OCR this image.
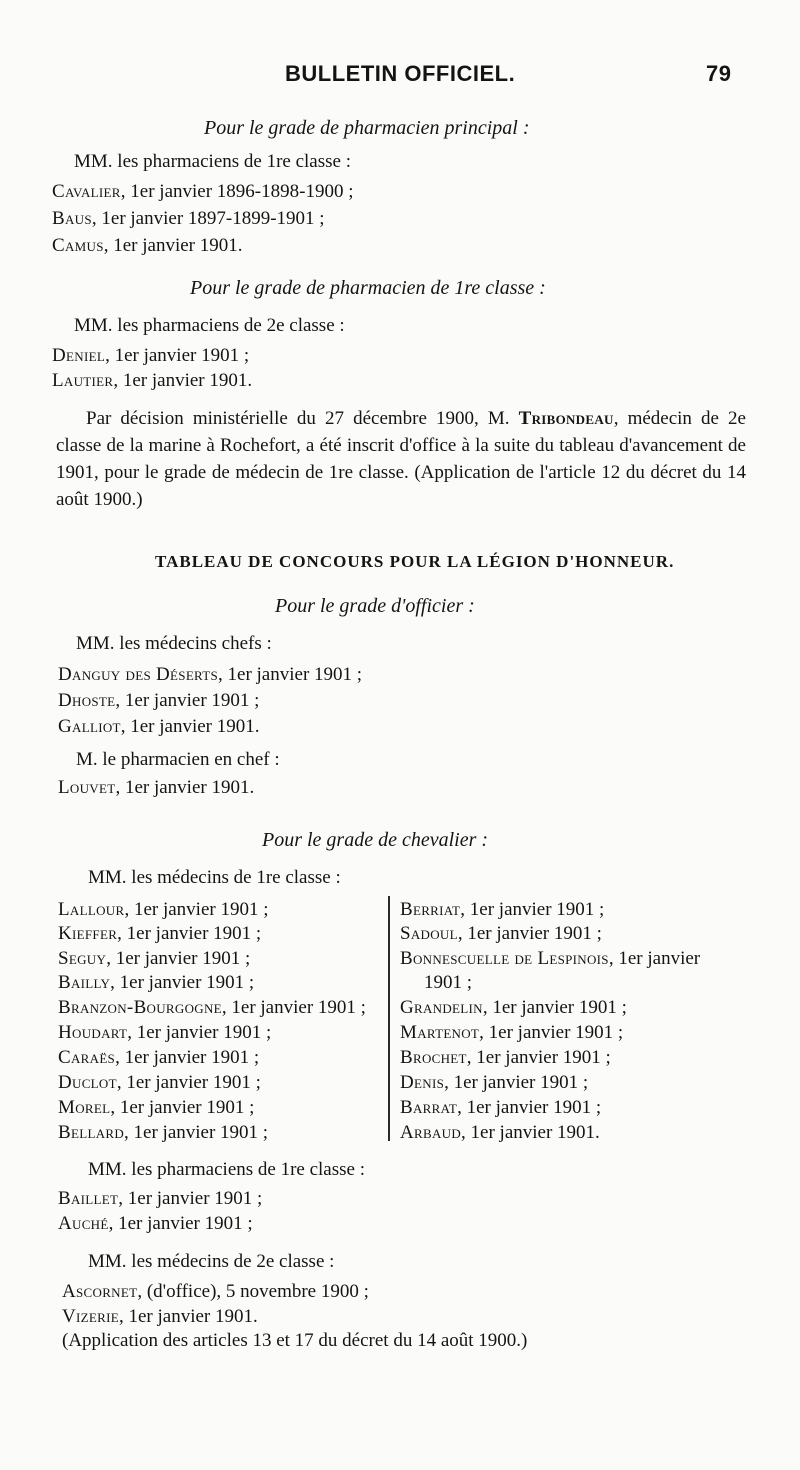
BULLETIN OFFICIEL.	79
Pour le grade de pharmacien principal :
MM. les pharmaciens de 1re classe :
Cavalier, 1er janvier 1896-1898-1900 ;
Baus, 1er janvier 1897-1899-1901 ;
Camus, 1er janvier 1901.
Pour le grade de pharmacien de 1re classe :
MM. les pharmaciens de 2e classe :
Deniel, 1er janvier 1901 ;
Lautier, 1er janvier 1901.
Par décision ministérielle du 27 décembre 1900, M. Tribondeau, médecin de 2e classe de la marine à Rochefort, a été inscrit d'office à la suite du tableau d'avancement de 1901, pour le grade de médecin de 1re classe. (Application de l'article 12 du décret du 14 août 1900.)
TABLEAU DE CONCOURS POUR LA LÉGION D'HONNEUR.
Pour le grade d'officier :
MM. les médecins chefs :
Danguy des Déserts, 1er janvier 1901 ;
Dhoste, 1er janvier 1901 ;
Galliot, 1er janvier 1901.
M. le pharmacien en chef :
Louvet, 1er janvier 1901.
Pour le grade de chevalier :
MM. les médecins de 1re classe :
Lallour, 1er janvier 1901 ;
Kieffer, 1er janvier 1901 ;
Seguy, 1er janvier 1901 ;
Bailly, 1er janvier 1901 ;
Branzon-Bourgogne, 1er janvier 1901 ;
Houdart, 1er janvier 1901 ;
Caraës, 1er janvier 1901 ;
Duclot, 1er janvier 1901 ;
Morel, 1er janvier 1901 ;
Bellard, 1er janvier 1901 ;
Berriat, 1er janvier 1901 ;
Sadoul, 1er janvier 1901 ;
Bonnescuelle de Lespinois, 1er janvier
1901 ;
Grandelin, 1er janvier 1901 ;
Martenot, 1er janvier 1901 ;
Brochet, 1er janvier 1901 ;
Denis, 1er janvier 1901 ;
Barrat, 1er janvier 1901 ;
Arbaud, 1er janvier 1901.
MM. les pharmaciens de 1re classe :
Baillet, 1er janvier 1901 ;
Auché, 1er janvier 1901 ;
MM. les médecins de 2e classe :
Ascornet, (d'office), 5 novembre 1900 ;
Vizerie, 1er janvier 1901.
(Application des articles 13 et 17 du décret du 14 août 1900.)
